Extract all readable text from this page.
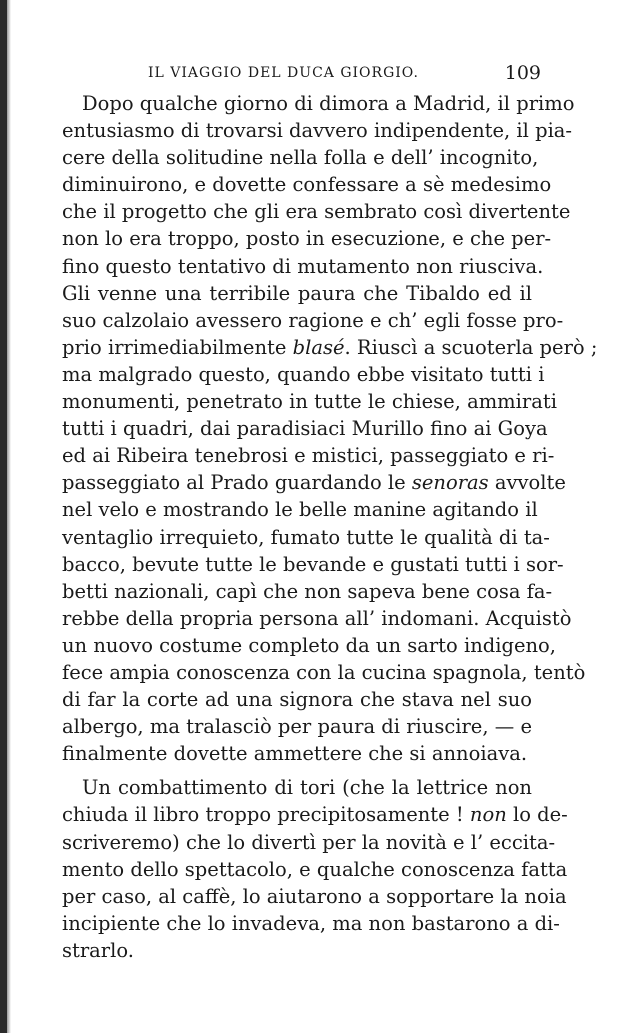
IL VIAGGIO DEL DUCA GIORGIO.	109
Dopo qualche giorno di dimora a Madrid, il primo
entusiasmo di trovarsi davvero indipendente, il pia-
cere della solitudine nella folla e dell’ incognito,
diminuirono, e dovette confessare a sè medesimo
che il progetto che gli era sembrato così divertente
non lo era troppo, posto in esecuzione, e che per-
fino questo tentativo di mutamento non riusciva.
Gli venne una terribile paura che Tibaldo ed il
suo calzolaio avessero ragione e ch’ egli fosse pro-
prio irrimediabilmente blasé. Riuscì a scuoterla però ;
ma malgrado questo, quando ebbe visitato tutti i
monumenti, penetrato in tutte le chiese, ammirati
tutti i quadri, dai paradisiaci Murillo fino ai Goya
ed ai Ribeira tenebrosi e mistici, passeggiato e ri-
passeggiato al Prado guardando le senoras avvolte
nel velo e mostrando le belle manine agitando il
ventaglio irrequieto, fumato tutte le qualità di ta-
bacco, bevute tutte le bevande e gustati tutti i sor-
betti nazionali, capì che non sapeva bene cosa fa-
rebbe della propria persona all’ indomani. Acquistò
un nuovo costume completo da un sarto indigeno,
fece ampia conoscenza con la cucina spagnola, tentò
di far la corte ad una signora che stava nel suo
albergo, ma tralasciò per paura di riuscire, — e
finalmente dovette ammettere che si annoiava.
Un combattimento di tori (che la lettrice non
chiuda il libro troppo precipitosamente ! non lo de-
scriveremo) che lo divertì per la novità e l’ eccita-
mento dello spettacolo, e qualche conoscenza fatta
per caso, al caffè, lo aiutarono a sopportare la noia
incipiente che lo invadeva, ma non bastarono a di-
strarlo.
